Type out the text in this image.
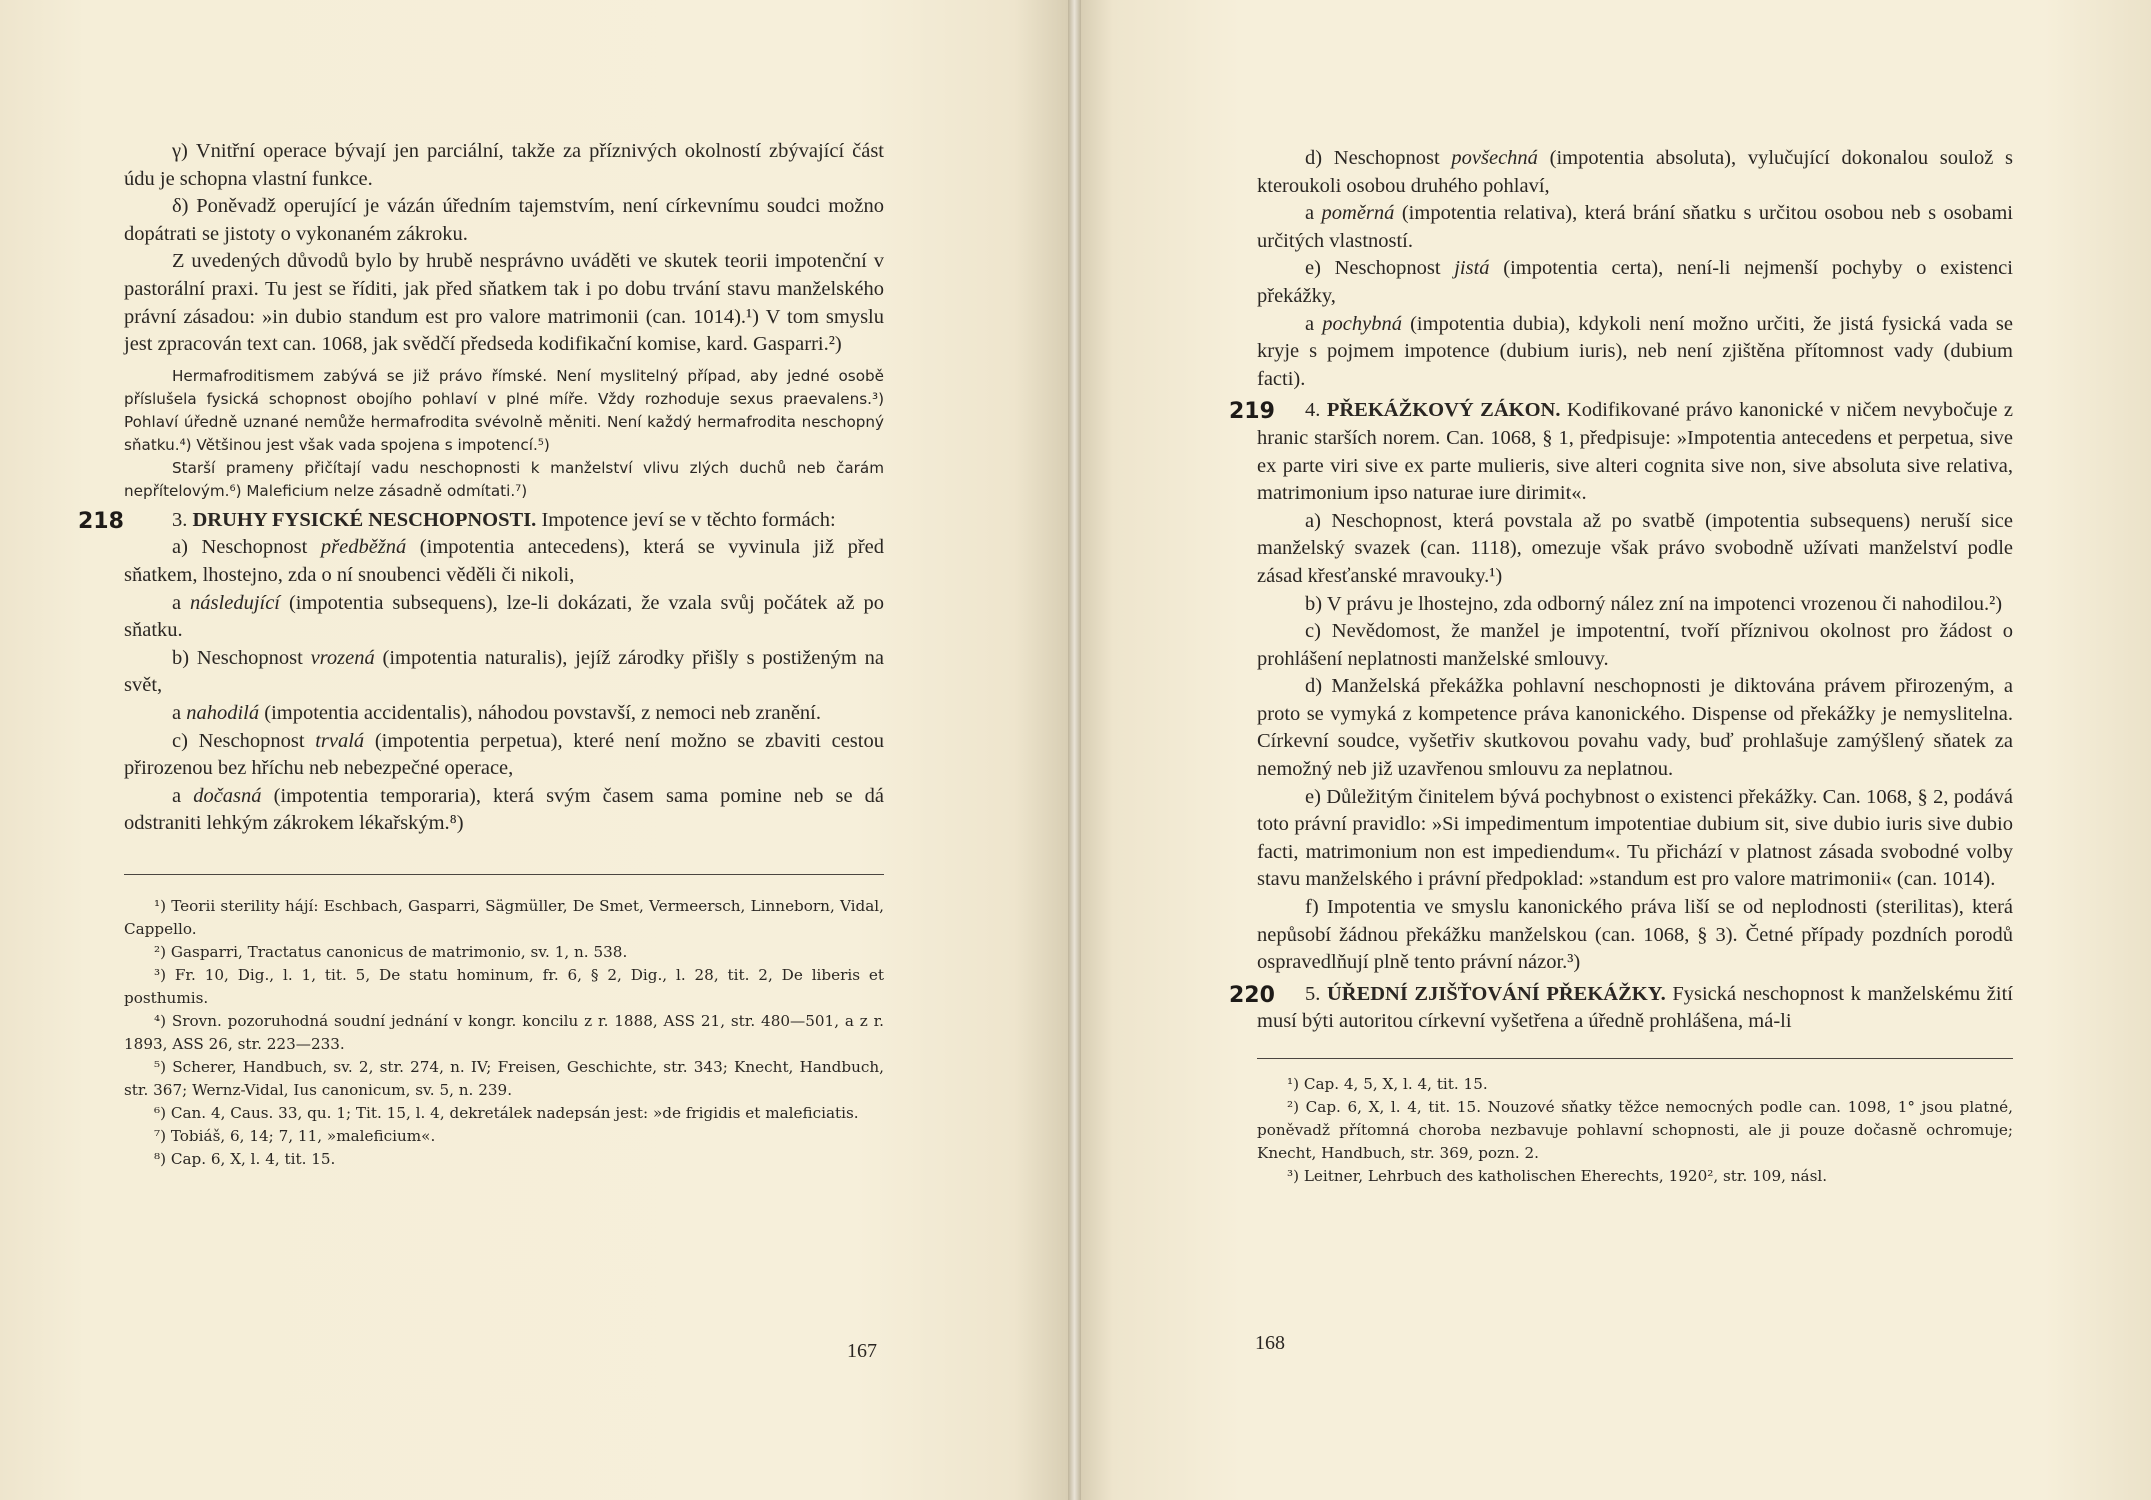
γ) Vnitřní operace bývají jen parciální, takže za příznivých okolností zbývající část údu je schopna vlastní funkce.

δ) Poněvadž operující je vázán úředním tajemstvím, není církevnímu soudci možno dopátrati se jistoty o vykonaném zákroku.

Z uvedených důvodů bylo by hrubě nesprávno uváděti ve skutek teorii impotenční v pastorální praxi. Tu jest se říditi, jak před sňatkem tak i po dobu trvání stavu manželského právní zásadou: »in dubio standum est pro valore matrimonii (can. 1014).¹) V tom smyslu jest zpracován text can. 1068, jak svědčí předseda kodifikační komise, kard. Gasparri.²)

Hermafroditismem zabývá se již právo římské. Není myslitelný případ, aby jedné osobě příslušela fysická schopnost obojího pohlaví v plné míře. Vždy rozhoduje sexus praevalens.³) Pohlaví úředně uznané nemůže hermafrodita svévolně měniti. Není každý hermafrodita neschopný sňatku.⁴) Většinou jest však vada spojena s impotencí.⁵)

Starší prameny přičítají vadu neschopnosti k manželství vlivu zlých duchů neb čarám nepřítelovým.⁶) Maleficium nelze zásadně odmítati.⁷)

218 3. DRUHY FYSICKÉ NESCHOPNOSTI. Impotence jeví se v těchto formách:

a) Neschopnost předběžná (impotentia antecedens), která se vyvinula již před sňatkem, lhostejno, zda o ní snoubenci věděli či nikoli,

a následující (impotentia subsequens), lze-li dokázati, že vzala svůj počátek až po sňatku.

b) Neschopnost vrozená (impotentia naturalis), jejíž zárodky přišly s postiženým na svět,

a nahodilá (impotentia accidentalis), náhodou povstavší, z nemoci neb zranění.

c) Neschopnost trvalá (impotentia perpetua), které není možno se zbaviti cestou přirozenou bez hříchu neb nebezpečné operace,

a dočasná (impotentia temporaria), která svým časem sama pomine neb se dá odstraniti lehkým zákrokem lékařským.⁸)

¹) Teorii sterility hájí: Eschbach, Gasparri, Sägmüller, De Smet, Vermeersch, Linneborn, Vidal, Cappello.

²) Gasparri, Tractatus canonicus de matrimonio, sv. 1, n. 538.

³) Fr. 10, Dig., l. 1, tit. 5, De statu hominum, fr. 6, § 2, Dig., l. 28, tit. 2, De liberis et posthumis.

⁴) Srovn. pozoruhodná soudní jednání v kongr. koncilu z r. 1888, ASS 21, str. 480—501, a z r. 1893, ASS 26, str. 223—233.

⁵) Scherer, Handbuch, sv. 2, str. 274, n. IV; Freisen, Geschichte, str. 343; Knecht, Handbuch, str. 367; Wernz-Vidal, Ius canonicum, sv. 5, n. 239.

⁶) Can. 4, Caus. 33, qu. 1; Tit. 15, l. 4, dekretálek nadepsán jest: »de frigidis et maleficiatis.

⁷) Tobiáš, 6, 14; 7, 11, »maleficium«.

⁸) Cap. 6, X, l. 4, tit. 15.

167

d) Neschopnost povšechná (impotentia absoluta), vylučující dokonalou soulož s kteroukoli osobou druhého pohlaví,

a poměrná (impotentia relativa), která brání sňatku s určitou osobou neb s osobami určitých vlastností.

e) Neschopnost jistá (impotentia certa), není-li nejmenší pochyby o existenci překážky,

a pochybná (impotentia dubia), kdykoli není možno určiti, že jistá fysická vada se kryje s pojmem impotence (dubium iuris), neb není zjištěna přítomnost vady (dubium facti).

219 4. PŘEKÁŽKOVÝ ZÁKON. Kodifikované právo kanonické v ničem nevybočuje z hranic starších norem. Can. 1068, § 1, předpisuje: »Impotentia antecedens et perpetua, sive ex parte viri sive ex parte mulieris, sive alteri cognita sive non, sive absoluta sive relativa, matrimonium ipso naturae iure dirimit«.

a) Neschopnost, která povstala až po svatbě (impotentia subsequens) neruší sice manželský svazek (can. 1118), omezuje však právo svobodně užívati manželství podle zásad křesťanské mravouky.¹)

b) V právu je lhostejno, zda odborný nález zní na impotenci vrozenou či nahodilou.²)

c) Nevědomost, že manžel je impotentní, tvoří příznivou okolnost pro žádost o prohlášení neplatnosti manželské smlouvy.

d) Manželská překážka pohlavní neschopnosti je diktována právem přirozeným, a proto se vymyká z kompetence práva kanonického. Dispense od překážky je nemyslitelna. Církevní soudce, vyšetřiv skutkovou povahu vady, buď prohlašuje zamýšlený sňatek za nemožný neb již uzavřenou smlouvu za neplatnou.

e) Důležitým činitelem bývá pochybnost o existenci překážky. Can. 1068, § 2, podává toto právní pravidlo: »Si impedimentum impotentiae dubium sit, sive dubio iuris sive dubio facti, matrimonium non est impediendum«. Tu přichází v platnost zásada svobodné volby stavu manželského i právní předpoklad: »standum est pro valore matrimonii« (can. 1014).

f) Impotentia ve smyslu kanonického práva liší se od neplodnosti (sterilitas), která nepůsobí žádnou překážku manželskou (can. 1068, § 3). Četné případy pozdních porodů ospravedlňují plně tento právní názor.³)

220 5. ÚŘEDNÍ ZJIŠŤOVÁNÍ PŘEKÁŽKY. Fysická neschopnost k manželskému žití musí býti autoritou církevní vyšetřena a úředně prohlášena, má-li

¹) Cap. 4, 5, X, l. 4, tit. 15.

²) Cap. 6, X, l. 4, tit. 15. Nouzové sňatky těžce nemocných podle can. 1098, 1° jsou platné, poněvadž přítomná choroba nezbavuje pohlavní schopnosti, ale ji pouze dočasně ochromuje; Knecht, Handbuch, str. 369, pozn. 2.

³) Leitner, Lehrbuch des katholischen Eherechts, 1920², str. 109, násl.

168
